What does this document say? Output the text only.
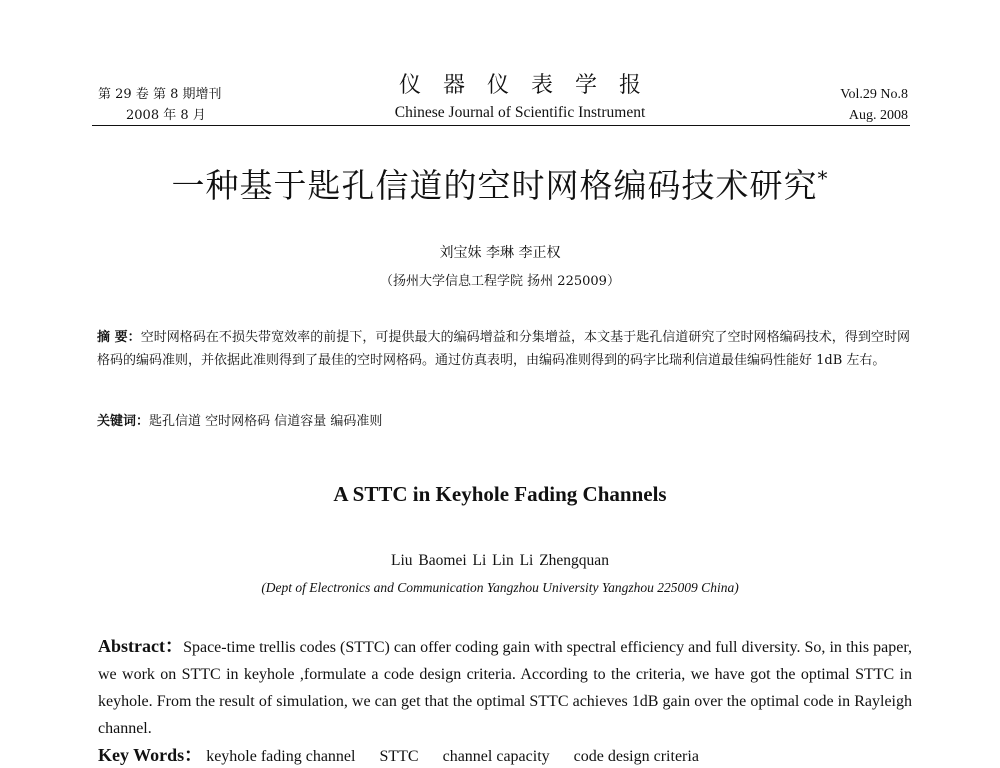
第 29 卷 第 8 期增刊
2008 年 8 月
仪器仪表学报
Chinese Journal of Scientific Instrument
Vol.29 No.8
Aug. 2008
一种基于匙孔信道的空时网格编码技术研究*
刘宝妹 李琳 李正权
（扬州大学信息工程学院 扬州 225009）
摘 要：空时网格码在不损失带宽效率的前提下，可提供最大的编码增益和分集增益，本文基于匙孔信道研究了空时网格编码技术，得到空时网格码的编码准则，并依据此准则得到了最佳的空时网格码。通过仿真表明，由编码准则得到的码字比瑞利信道最佳编码性能好 1dB 左右。
关键词：匙孔信道 空时网格码 信道容量 编码准则
A STTC in Keyhole Fading Channels
Liu Baomei Li Lin Li Zhengquan
(Dept of Electronics and Communication Yangzhou University Yangzhou 225009 China)
Abstract：Space-time trellis codes (STTC) can offer coding gain with spectral efficiency and full diversity. So, in this paper, we work on STTC in keyhole ,formulate a code design criteria. According to the criteria, we have got the optimal STTC in keyhole. From the result of simulation, we can get that the optimal STTC achieves 1dB gain over the optimal code in Rayleigh channel.
Key Words： keyhole fading channel STTC channel capacity code design criteria
